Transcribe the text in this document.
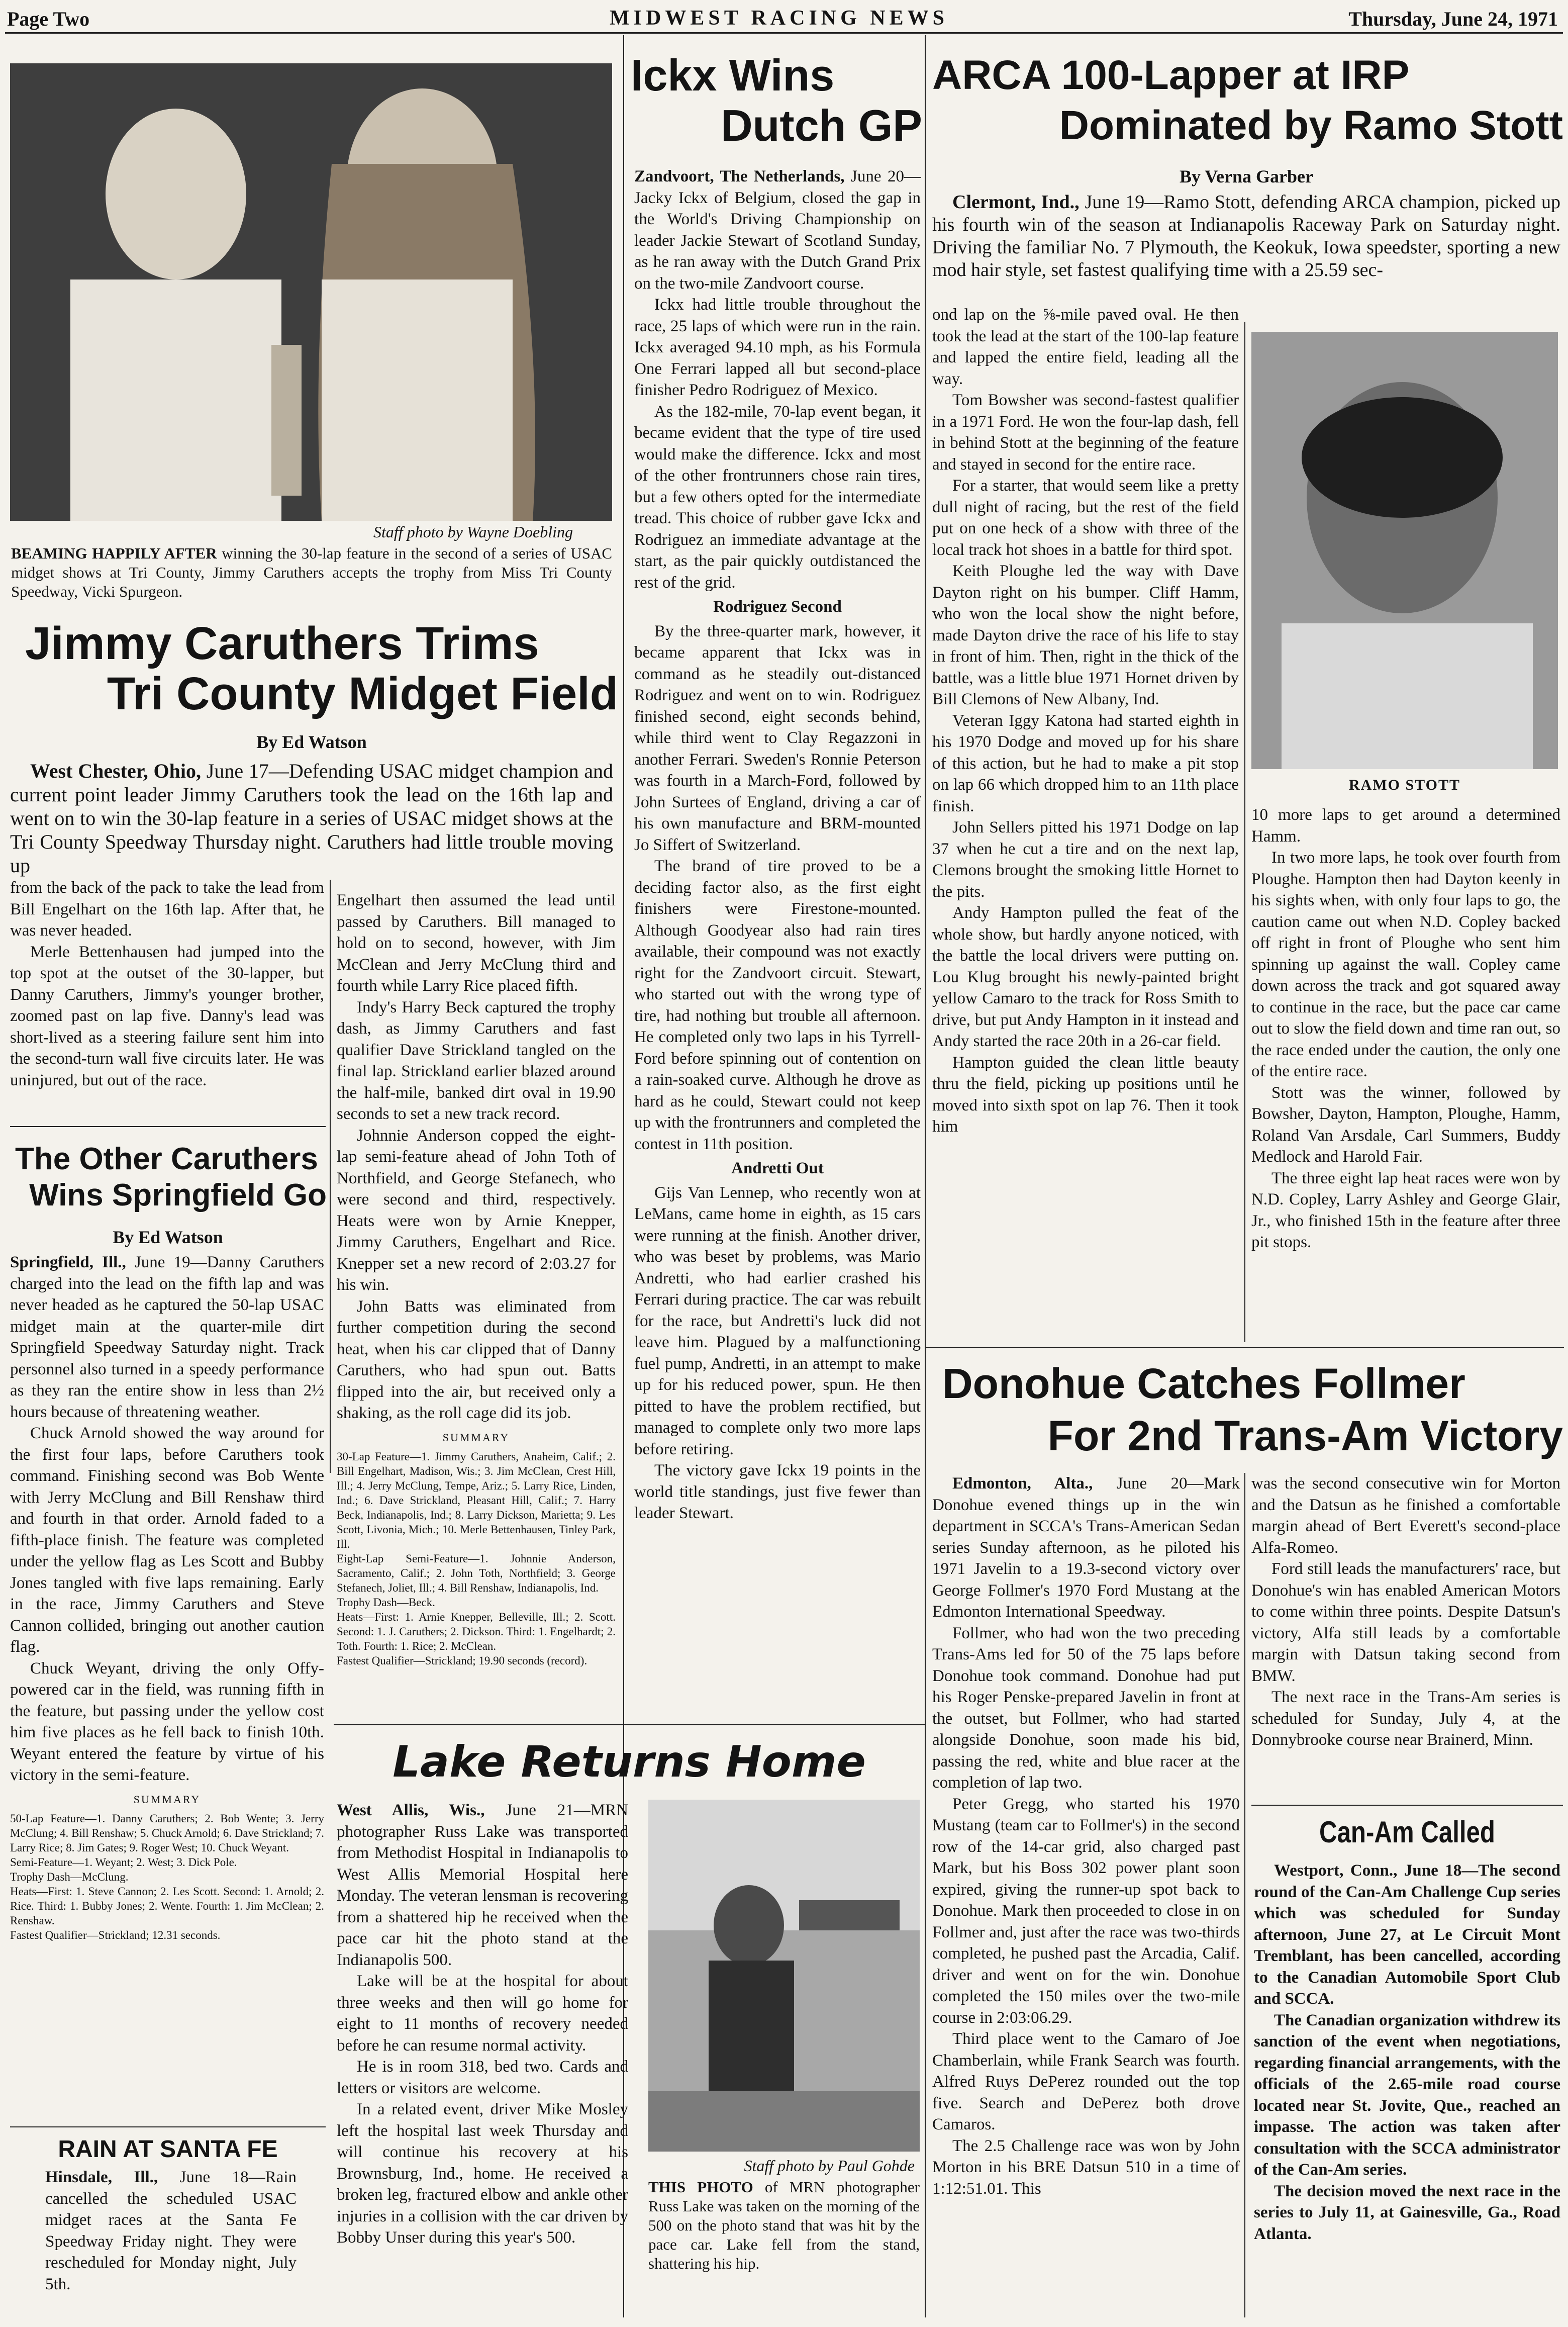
Page Two	MIDWEST RACING NEWS	Thursday, June 24, 1971
Staff photo by Wayne Doebling
BEAMING HAPPILY AFTER winning the 30-lap feature in the second of a series of USAC midget shows at Tri County, Jimmy Caruthers accepts the trophy from Miss Tri County Speedway, Vicki Spurgeon.
Jimmy Caruthers Trims
Tri County Midget Field
By Ed Watson

West Chester, Ohio, June 17—Defending USAC midget champion and current point leader Jimmy Caruthers took the lead on the 16th lap and went on to win the 30-lap feature in a series of USAC midget shows at the Tri County Speedway Thursday night. Caruthers had little trouble moving up

from the back of the pack to take the lead from Bill Engelhart on the 16th lap. After that, he was never headed.

Merle Bettenhausen had jumped into the top spot at the outset of the 30-lapper, but Danny Caruthers, Jimmy's younger brother, zoomed past on lap five. Danny's lead was short-lived as a steering failure sent him into the second-turn wall five circuits later. He was uninjured, but out of the race.

Engelhart then assumed the lead until passed by Caruthers. Bill managed to hold on to second, however, with Jim McClean and Jerry McClung third and fourth while Larry Rice placed fifth.

Indy's Harry Beck captured the trophy dash, as Jimmy Caruthers and fast qualifier Dave Strickland tangled on the final lap. Strickland earlier blazed around the half-mile, banked dirt oval in 19.90 seconds to set a new track record.

Johnnie Anderson copped the eight-lap semi-feature ahead of John Toth of Northfield, and George Stefanech, who were second and third, respectively. Heats were won by Arnie Knepper, Jimmy Caruthers, Engelhart and Rice. Knepper set a new record of 2:03.27 for his win.

John Batts was eliminated from further competition during the second heat, when his car clipped that of Danny Caruthers, who had spun out. Batts flipped into the air, but received only a shaking, as the roll cage did its job.

SUMMARY
30-Lap Feature—1. Jimmy Caruthers, Anaheim, Calif.; 2. Bill Engelhart, Madison, Wis.; 3. Jim McClean, Crest Hill, Ill.; 4. Jerry McClung, Tempe, Ariz.; 5. Larry Rice, Linden, Ind.; 6. Dave Strickland, Pleasant Hill, Calif.; 7. Harry Beck, Indianapolis, Ind.; 8. Larry Dickson, Marietta; 9. Les Scott, Livonia, Mich.; 10. Merle Bettenhausen, Tinley Park, Ill.
Eight-Lap Semi-Feature—1. Johnnie Anderson, Sacramento, Calif.; 2. John Toth, Northfield; 3. George Stefanech, Joliet, Ill.; 4. Bill Renshaw, Indianapolis, Ind.
Trophy Dash—Beck.
Heats—First: 1. Arnie Knepper, Belleville, Ill.; 2. Scott. Second: 1. J. Caruthers; 2. Dickson. Third: 1. Engelhardt; 2. Toth. Fourth: 1. Rice; 2. McClean.
Fastest Qualifier—Strickland; 19.90 seconds (record).
The Other Caruthers
Wins Springfield Go
By Ed Watson

Springfield, Ill., June 19—Danny Caruthers charged into the lead on the fifth lap and was never headed as he captured the 50-lap USAC midget main at the quarter-mile dirt Springfield Speedway Saturday night. Track personnel also turned in a speedy performance as they ran the entire show in less than 2½ hours because of threatening weather.

Chuck Arnold showed the way around for the first four laps, before Caruthers took command. Finishing second was Bob Wente with Jerry McClung and Bill Renshaw third and fourth in that order. Arnold faded to a fifth-place finish. The feature was completed under the yellow flag as Les Scott and Bubby Jones tangled with five laps remaining. Early in the race, Jimmy Caruthers and Steve Cannon collided, bringing out another caution flag.

Chuck Weyant, driving the only Offy-powered car in the field, was running fifth in the feature, but passing under the yellow cost him five places as he fell back to finish 10th. Weyant entered the feature by virtue of his victory in the semi-feature.

SUMMARY
50-Lap Feature—1. Danny Caruthers; 2. Bob Wente; 3. Jerry McClung; 4. Bill Renshaw; 5. Chuck Arnold; 6. Dave Strickland; 7. Larry Rice; 8. Jim Gates; 9. Roger West; 10. Chuck Weyant.
Semi-Feature—1. Weyant; 2. West; 3. Dick Pole.
Trophy Dash—McClung.
Heats—First: 1. Steve Cannon; 2. Les Scott. Second: 1. Arnold; 2. Rice. Third: 1. Bubby Jones; 2. Wente. Fourth: 1. Jim McClean; 2. Renshaw.
Fastest Qualifier—Strickland; 12.31 seconds.
RAIN AT SANTA FE

Hinsdale, Ill., June 18—Rain cancelled the scheduled USAC midget races at the Santa Fe Speedway Friday night. They were rescheduled for Monday night, July 5th.

Lake Returns Home

West Allis, Wis., June 21—MRN photographer Russ Lake was transported from Methodist Hospital in Indianapolis to West Allis Memorial Hospital here Monday. The veteran lensman is recovering from a shattered hip he received when the pace car hit the photo stand at the Indianapolis 500.

Lake will be at the hospital for about three weeks and then will go home for eight to 11 months of recovery needed before he can resume normal activity.

He is in room 318, bed two. Cards and letters or visitors are welcome.

In a related event, driver Mike Mosley left the hospital last week Thursday and will continue his recovery at his Brownsburg, Ind., home. He received a broken leg, fractured elbow and ankle other injuries in a collision with the car driven by Bobby Unser during this year's 500.

Staff photo by Paul Gohde
THIS PHOTO of MRN photographer Russ Lake was taken on the morning of the 500 on the photo stand that was hit by the pace car. Lake fell from the stand, shattering his hip.
Ickx Wins
Dutch GP

Zandvoort, The Netherlands, June 20—Jacky Ickx of Belgium, closed the gap in the World's Driving Championship on leader Jackie Stewart of Scotland Sunday, as he ran away with the Dutch Grand Prix on the two-mile Zandvoort course.

Ickx had little trouble throughout the race, 25 laps of which were run in the rain. Ickx averaged 94.10 mph, as his Formula One Ferrari lapped all but second-place finisher Pedro Rodriguez of Mexico.

As the 182-mile, 70-lap event began, it became evident that the type of tire used would make the difference. Ickx and most of the other frontrunners chose rain tires, but a few others opted for the intermediate tread. This choice of rubber gave Ickx and Rodriguez an immediate advantage at the start, as the pair quickly outdistanced the rest of the grid.

Rodriguez Second

By the three-quarter mark, however, it became apparent that Ickx was in command as he steadily out-distanced Rodriguez and went on to win. Rodriguez finished second, eight seconds behind, while third went to Clay Regazzoni in another Ferrari. Sweden's Ronnie Peterson was fourth in a March-Ford, followed by John Surtees of England, driving a car of his own manufacture and BRM-mounted Jo Siffert of Switzerland.

The brand of tire proved to be a deciding factor also, as the first eight finishers were Firestone-mounted. Although Goodyear also had rain tires available, their compound was not exactly right for the Zandvoort circuit. Stewart, who started out with the wrong type of tire, had nothing but trouble all afternoon. He completed only two laps in his Tyrrell-Ford before spinning out of contention on a rain-soaked curve. Although he drove as hard as he could, Stewart could not keep up with the frontrunners and completed the contest in 11th position.

Andretti Out

Gijs Van Lennep, who recently won at LeMans, came home in eighth, as 15 cars were running at the finish. Another driver, who was beset by problems, was Mario Andretti, who had earlier crashed his Ferrari during practice. The car was rebuilt for the race, but Andretti's luck did not leave him. Plagued by a malfunctioning fuel pump, Andretti, in an attempt to make up for his reduced power, spun. He then pitted to have the problem rectified, but managed to complete only two more laps before retiring.

The victory gave Ickx 19 points in the world title standings, just five fewer than leader Stewart.

ARCA 100-Lapper at IRP
Dominated by Ramo Stott
By Verna Garber

Clermont, Ind., June 19—Ramo Stott, defending ARCA champion, picked up his fourth win of the season at Indianapolis Raceway Park on Saturday night. Driving the familiar No. 7 Plymouth, the Keokuk, Iowa speedster, sporting a new mod hair style, set fastest qualifying time with a 25.59 sec-

ond lap on the ⅝-mile paved oval. He then took the lead at the start of the 100-lap feature and lapped the entire field, leading all the way.

Tom Bowsher was second-fastest qualifier in a 1971 Ford. He won the four-lap dash, fell in behind Stott at the beginning of the feature and stayed in second for the entire race.

For a starter, that would seem like a pretty dull night of racing, but the rest of the field put on one heck of a show with three of the local track hot shoes in a battle for third spot.

Keith Ploughe led the way with Dave Dayton right on his bumper. Cliff Hamm, who won the local show the night before, made Dayton drive the race of his life to stay in front of him. Then, right in the thick of the battle, was a little blue 1971 Hornet driven by Bill Clemons of New Albany, Ind.

Veteran Iggy Katona had started eighth in his 1970 Dodge and moved up for his share of this action, but he had to make a pit stop on lap 66 which dropped him to an 11th place finish.

John Sellers pitted his 1971 Dodge on lap 37 when he cut a tire and on the next lap, Clemons brought the smoking little Hornet to the pits.

Andy Hampton pulled the feat of the whole show, but hardly anyone noticed, with the battle the local drivers were putting on. Lou Klug brought his newly-painted bright yellow Camaro to the track for Ross Smith to drive, but put Andy Hampton in it instead and Andy started the race 20th in a 26-car field.

Hampton guided the clean little beauty thru the field, picking up positions until he moved into sixth spot on lap 76. Then it took him

RAMO STOTT

10 more laps to get around a determined Hamm.

In two more laps, he took over fourth from Ploughe. Hampton then had Dayton keenly in his sights when, with only four laps to go, the caution came out when N.D. Copley backed off right in front of Ploughe who sent him spinning up against the wall. Copley came down across the track and got squared away to continue in the race, but the pace car came out to slow the field down and time ran out, so the race ended under the caution, the only one of the entire race.

Stott was the winner, followed by Bowsher, Dayton, Hampton, Ploughe, Hamm, Roland Van Arsdale, Carl Summers, Buddy Medlock and Harold Fair.

The three eight lap heat races were won by N.D. Copley, Larry Ashley and George Glair, Jr., who finished 15th in the feature after three pit stops.

Donohue Catches Follmer
For 2nd Trans-Am Victory

Edmonton, Alta., June 20—Mark Donohue evened things up in the win department in SCCA's Trans-American Sedan series Sunday afternoon, as he piloted his 1971 Javelin to a 19.3-second victory over George Follmer's 1970 Ford Mustang at the Edmonton International Speedway.

Follmer, who had won the two preceding Trans-Ams led for 50 of the 75 laps before Donohue took command. Donohue had put his Roger Penske-prepared Javelin in front at the outset, but Follmer, who had started alongside Donohue, soon made his bid, passing the red, white and blue racer at the completion of lap two.

Peter Gregg, who started his 1970 Mustang (team car to Follmer's) in the second row of the 14-car grid, also charged past Mark, but his Boss 302 power plant soon expired, giving the runner-up spot back to Donohue. Mark then proceeded to close in on Follmer and, just after the race was two-thirds completed, he pushed past the Arcadia, Calif. driver and went on for the win. Donohue completed the 150 miles over the two-mile course in 2:03:06.29.

Third place went to the Camaro of Joe Chamberlain, while Frank Search was fourth. Alfred Ruys DePerez rounded out the top five. Search and DePerez both drove Camaros.

The 2.5 Challenge race was won by John Morton in his BRE Datsun 510 in a time of 1:12:51.01. This

was the second consecutive win for Morton and the Datsun as he finished a comfortable margin ahead of Bert Everett's second-place Alfa-Romeo.

Ford still leads the manufacturers' race, but Donohue's win has enabled American Motors to come within three points. Despite Datsun's victory, Alfa still leads by a comfortable margin with Datsun taking second from BMW.

The next race in the Trans-Am series is scheduled for Sunday, July 4, at the Donnybrooke course near Brainerd, Minn.

Can-Am Called

Westport, Conn., June 18—The second round of the Can-Am Challenge Cup series which was scheduled for Sunday afternoon, June 27, at Le Circuit Mont Tremblant, has been cancelled, according to the Canadian Automobile Sport Club and SCCA.

The Canadian organization withdrew its sanction of the event when negotiations, regarding financial arrangements, with the officials of the 2.65-mile road course located near St. Jovite, Que., reached an impasse. The action was taken after consultation with the SCCA administrator of the Can-Am series.

The decision moved the next race in the series to July 11, at Gainesville, Ga., Road Atlanta.
